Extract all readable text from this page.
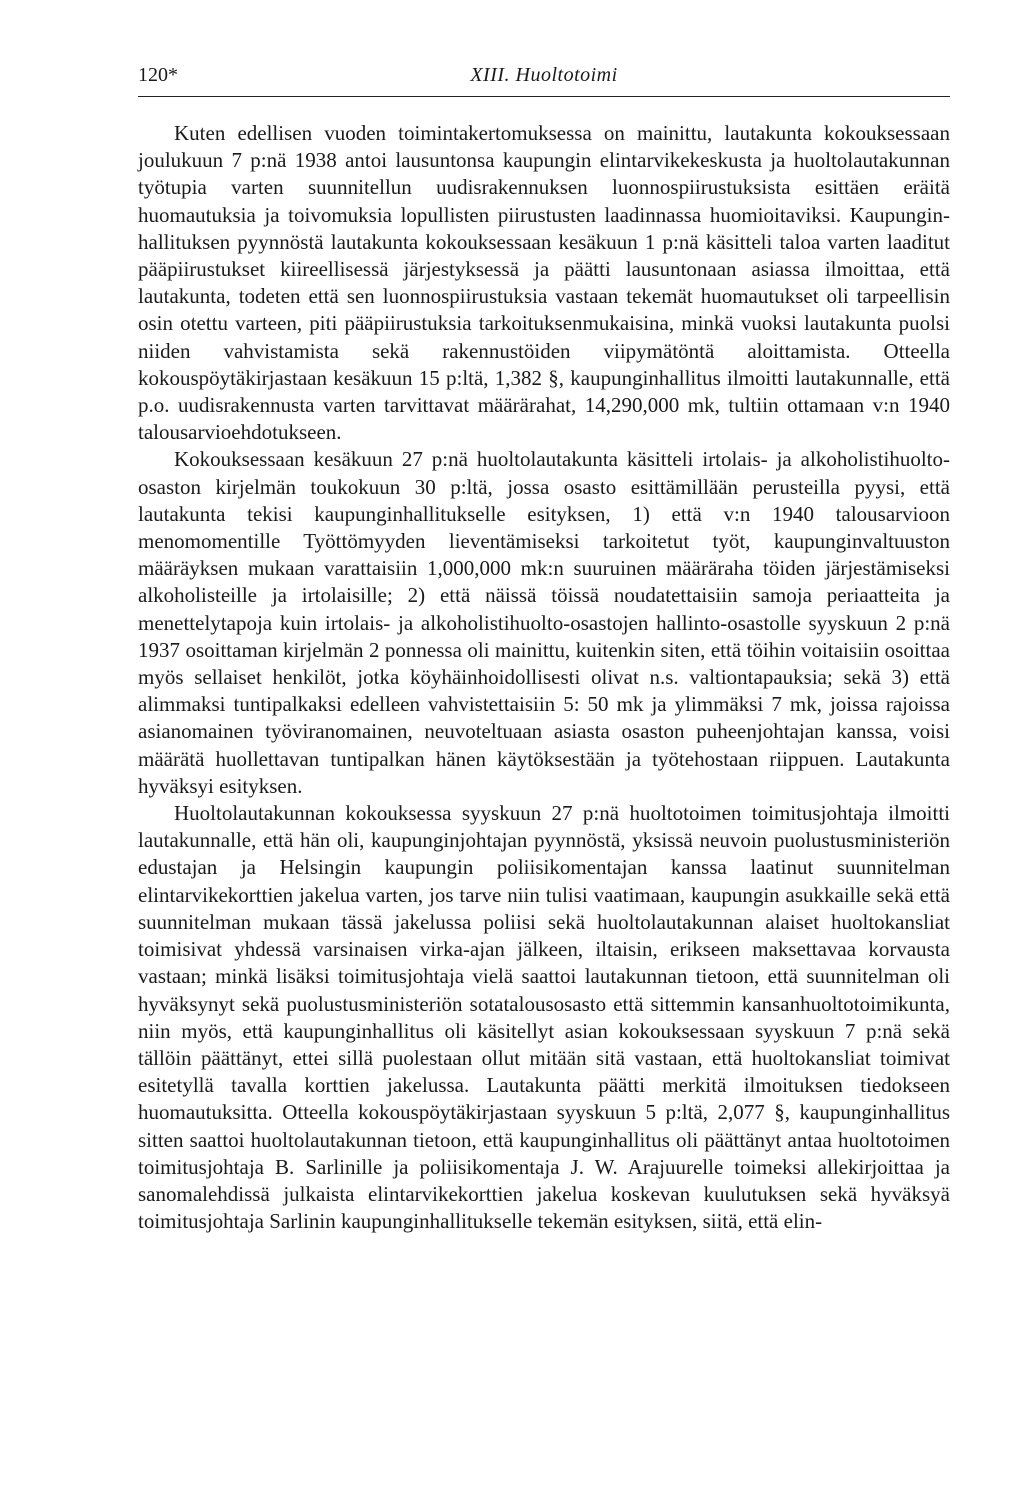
120*	XIII. Huoltotoimi

Kuten edellisen vuoden toimintakertomuksessa on mainittu, lautakunta kokouksessaan joulukuun 7 p:nä 1938 antoi lausuntonsa kaupungin elintarvikekeskusta ja huoltolautakunnan työtupia varten suunnitellun uudisrakennuksen luonnospiirustuksista esittäen eräitä huomautuksia ja toivomuksia lopullisten piirustusten laadinnassa huomioitaviksi. Kaupunginhallituksen pyynnöstä lautakunta kokouksessaan kesäkuun 1 p:nä käsitteli taloa varten laaditut pääpiirustukset kiireellisessä järjestyksessä ja päätti lausuntonaan asiassa ilmoittaa, että lautakunta, todeten että sen luonnospiirustuksia vastaan tekemät huomautukset oli tarpeellisin osin otettu varteen, piti pääpiirustuksia tarkoituksenmukaisina, minkä vuoksi lautakunta puolsi niiden vahvistamista sekä rakennustöiden viipymätöntä aloittamista. Otteella kokouspöytäkirjastaan kesäkuun 15 p:ltä, 1,382 §, kaupunginhallitus ilmoitti lautakunnalle, että p.o. uudisrakennusta varten tarvittavat määrärahat, 14,290,000 mk, tultiin ottamaan v:n 1940 talousarvioehdotukseen.

Kokouksessaan kesäkuun 27 p:nä huoltolautakunta käsitteli irtolais- ja alkoholistihuolto-osaston kirjelmän toukokuun 30 p:ltä, jossa osasto esittämillään perusteilla pyysi, että lautakunta tekisi kaupunginhallitukselle esityksen, 1) että v:n 1940 talousarvioon menomomentille Työttömyyden lieventämiseksi tarkoitetut työt, kaupunginvaltuuston määräyksen mukaan varattaisiin 1,000,000 mk:n suuruinen määräraha töiden järjestämiseksi alkoholisteille ja irtolaisille; 2) että näissä töissä noudatettaisiin samoja periaatteita ja menettelytapoja kuin irtolais- ja alkoholistihuolto-osastojen hallinto-osastolle syyskuun 2 p:nä 1937 osoittaman kirjelmän 2 ponnessa oli mainittu, kuitenkin siten, että töihin voitaisiin osoittaa myös sellaiset henkilöt, jotka köyhäinhoidollisesti olivat n.s. valtiontapauksia; sekä 3) että alimmaksi tuntipalkaksi edelleen vahvistettaisiin 5: 50 mk ja ylimmäksi 7 mk, joissa rajoissa asianomainen työviranomainen, neuvoteltuaan asiasta osaston puheenjohtajan kanssa, voisi määrätä huollettavan tuntipalkan hänen käytöksestään ja työtehostaan riippuen. Lautakunta hyväksyi esityksen.

Huoltolautakunnan kokouksessa syyskuun 27 p:nä huoltotoimen toimitusjohtaja ilmoitti lautakunnalle, että hän oli, kaupunginjohtajan pyynnöstä, yksissä neuvoin puolustusministeriön edustajan ja Helsingin kaupungin poliisikomentajan kanssa laatinut suunnitelman elintarvikekorttien jakelua varten, jos tarve niin tulisi vaatimaan, kaupungin asukkaille sekä että suunnitelman mukaan tässä jakelussa poliisi sekä huoltolautakunnan alaiset huoltokansliat toimisivat yhdessä varsinaisen virka-ajan jälkeen, iltaisin, erikseen maksettavaa korvausta vastaan; minkä lisäksi toimitusjohtaja vielä saattoi lautakunnan tietoon, että suunnitelman oli hyväksynyt sekä puolustusministeriön sotatalousosasto että sittemmin kansanhuoltotoimikunta, niin myös, että kaupunginhallitus oli käsitellyt asian kokouksessaan syyskuun 7 p:nä sekä tällöin päättänyt, ettei sillä puolestaan ollut mitään sitä vastaan, että huoltokansliat toimivat esitetyllä tavalla korttien jakelussa. Lautakunta päätti merkitä ilmoituksen tiedokseen huomautuksitta. Otteella kokouspöytäkirjastaan syyskuun 5 p:ltä, 2,077 §, kaupunginhallitus sitten saattoi huoltolautakunnan tietoon, että kaupunginhallitus oli päättänyt antaa huoltotoimen toimitusjohtaja B. Sarlinille ja poliisikomentaja J. W. Arajuurelle toimeksi allekirjoittaa ja sanomalehdissä julkaista elintarvikekorttien jakelua koskevan kuulutuksen sekä hyväksyä toimitusjohtaja Sarlinin kaupunginhallitukselle tekemän esityksen, siitä, että elin-
